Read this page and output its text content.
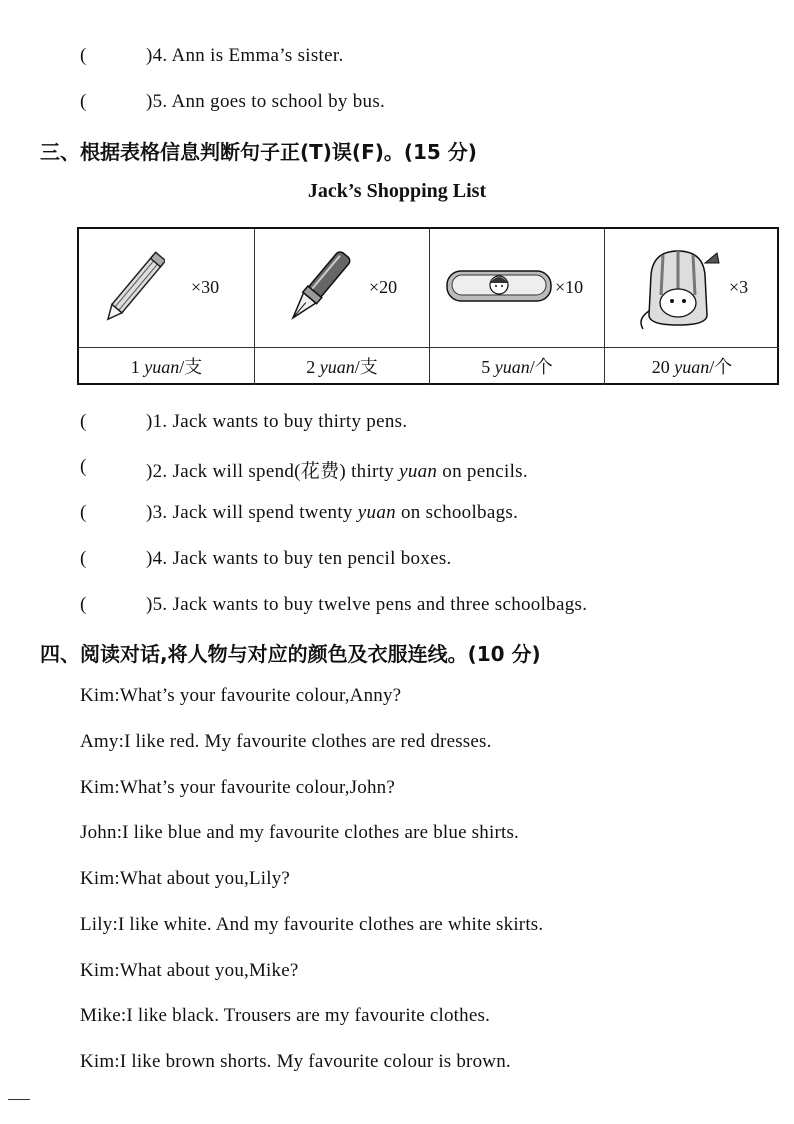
(	)4. Ann is Emma’s sister.
(	)5. Ann goes to school by bus.
三、根据表格信息判断句子正(T)误(F)。(15 分)
Jack’s Shopping List
×30	×20	×10	×3
1 yuan/支	2 yuan/支	5 yuan/个	20 yuan/个
(	)1. Jack wants to buy thirty pens.
(	)2. Jack will spend(花费) thirty yuan on pencils.
(	)3. Jack will spend twenty yuan on schoolbags.
(	)4. Jack wants to buy ten pencil boxes.
(	)5. Jack wants to buy twelve pens and three schoolbags.
四、阅读对话,将人物与对应的颜色及衣服连线。(10 分)
Kim:What’s your favourite colour,Anny?
Amy:I like red. My favourite clothes are red dresses.
Kim:What’s your favourite colour,John?
John:I like blue and my favourite clothes are blue shirts.
Kim:What about you,Lily?
Lily:I like white. And my favourite clothes are white skirts.
Kim:What about you,Mike?
Mike:I like black. Trousers are my favourite clothes.
Kim:I like brown shorts. My favourite colour is brown.
